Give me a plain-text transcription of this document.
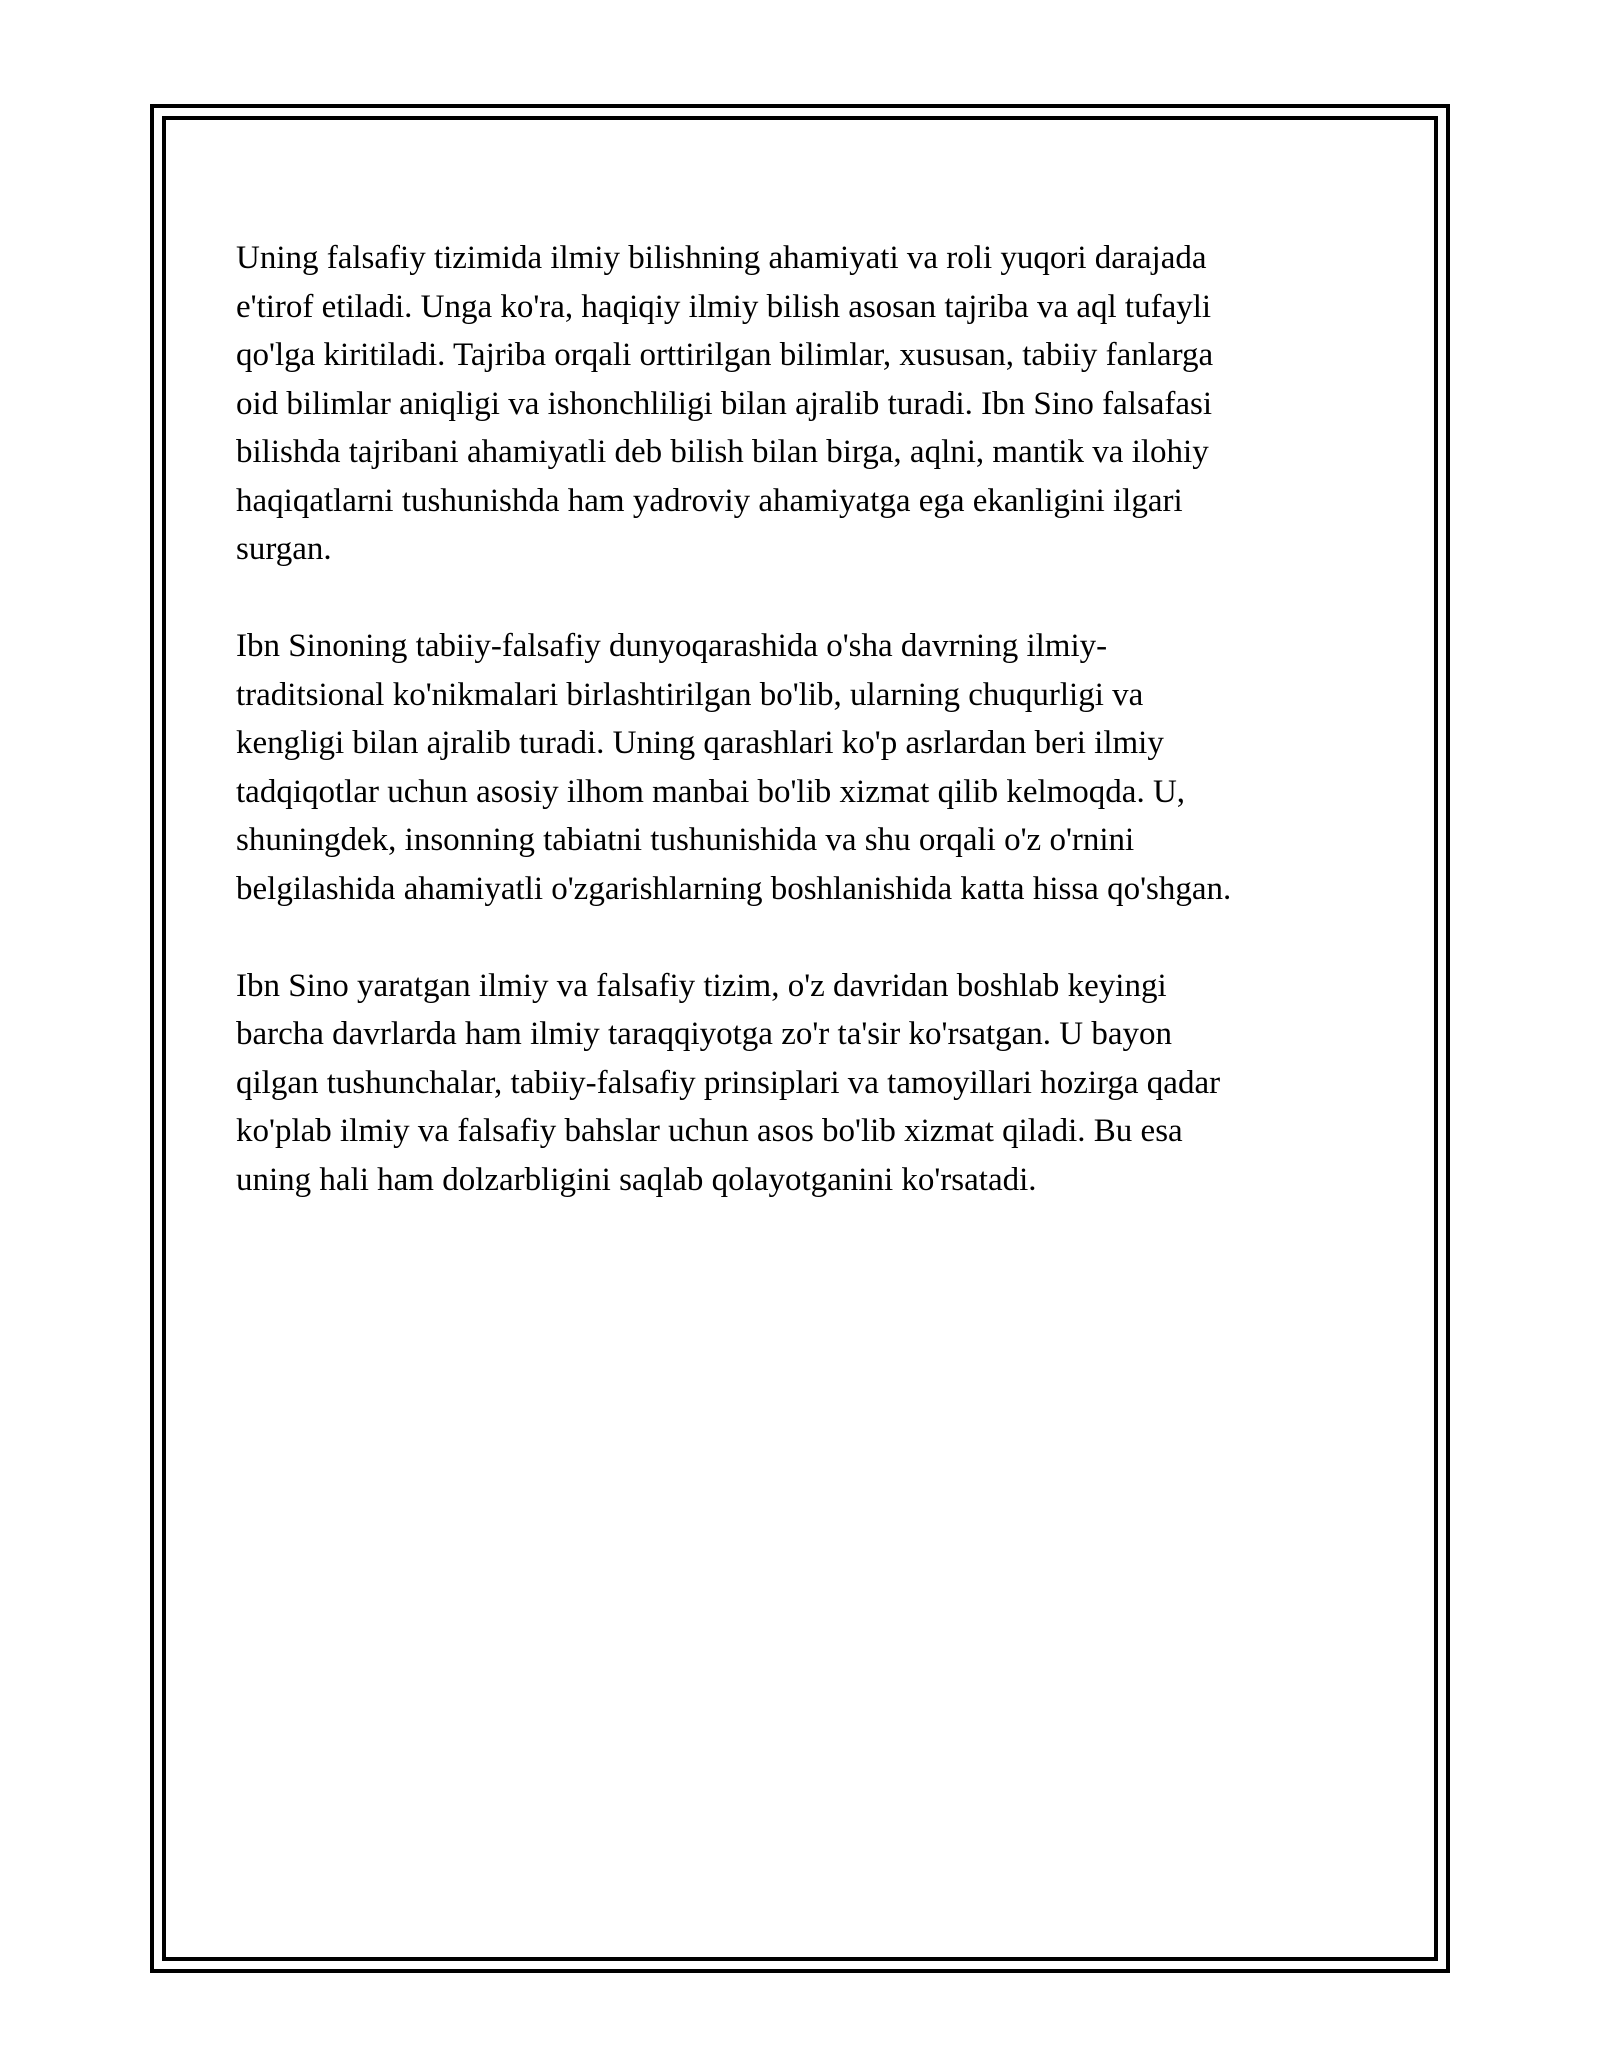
Uning falsafiy tizimida ilmiy bilishning ahamiyati va roli yuqori darajada
e'tirof etiladi. Unga ko'ra, haqiqiy ilmiy bilish asosan tajriba va aql tufayli
qo'lga kiritiladi. Tajriba orqali orttirilgan bilimlar, xususan, tabiiy fanlarga
oid bilimlar aniqligi va ishonchliligi bilan ajralib turadi. Ibn Sino falsafasi
bilishda tajribani ahamiyatli deb bilish bilan birga, aqlni, mantik va ilohiy
haqiqatlarni tushunishda ham yadroviy ahamiyatga ega ekanligini ilgari
surgan.

Ibn Sinoning tabiiy-falsafiy dunyoqarashida o'sha davrning ilmiy-
traditsional ko'nikmalari birlashtirilgan bo'lib, ularning chuqurligi va
kengligi bilan ajralib turadi. Uning qarashlari ko'p asrlardan beri ilmiy
tadqiqotlar uchun asosiy ilhom manbai bo'lib xizmat qilib kelmoqda. U,
shuningdek, insonning tabiatni tushunishida va shu orqali o'z o'rnini
belgilashida ahamiyatli o'zgarishlarning boshlanishida katta hissa qo'shgan.

Ibn Sino yaratgan ilmiy va falsafiy tizim, o'z davridan boshlab keyingi
barcha davrlarda ham ilmiy taraqqiyotga zo'r ta'sir ko'rsatgan. U bayon
qilgan tushunchalar, tabiiy-falsafiy prinsiplari va tamoyillari hozirga qadar
ko'plab ilmiy va falsafiy bahslar uchun asos bo'lib xizmat qiladi. Bu esa
uning hali ham dolzarbligini saqlab qolayotganini ko'rsatadi.
